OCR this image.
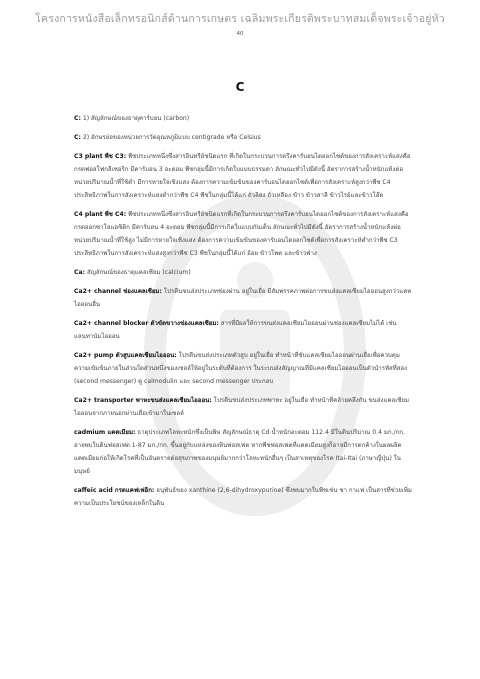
โครงการหนังสือเล็กทรอนิกส์ด้านการเกษตร เฉลิมพระเกียรติพระบาทสมเด็จพระเจ้าอยู่หัว
40
C

C: 1) สัญลักษณ์ของธาตุคาร์บอน (carbon)

C: 2) อักษรย่อของหน่วยการวัดอุณหภูมิแบบ centigrade หรือ Celsius

C3 plant พืช C3: พืชประเภทหนึ่งซึ่งสารอินทรีย์ชนิดแรก ที่เกิดในกระบวนการตรึงคาร์บอนไดออกไซด์ของการสังเคราะห์แสงคือ กรดฟอสโฟกลีเซอริก มีคาร์บอน 3 อะตอม พืชกลุ่มนี้มีการเกิดใบแบบธรรมดา ลักษณะทั่วไปมีดังนี้ อัตราการสร้างน้ำหนักแห้งต่อหน่วยปริมาณน้ำที่ใช้ต่ำ มีการหายใจเชิงแสง ต้องการความเข้มข้นของคาร์บอนไดออกไซด์เพื่อการสังเคราะห์สูงกว่าพืช C4 ประสิทธิภาพในการสังเคราะห์แสงต่ำกว่าพืช C4 พืชในกลุ่มนี้ได้แก่ ถั่วลิสง ถั่วเหลือง ข้าว ข้าวสาลี ข้าวไรย์และข้าวโอ๊ต

C4 plant พืช C4: พืชประเภทหนึ่งซึ่งสารอินทรีย์ชนิดแรกที่เกิดในกระบวนการตรึงคาร์บอนไดออกไซด์ของการสังเคราะห์แสงคือ กรดออกซาโลแอซิติก มีคาร์บอน 4 อะตอม พืชกลุ่มนี้มีการเกิดใบแบบกันเด็น ลักษณะทั่วไปมีดังนี้ อัตราการสร้างน้ำหนักแห้งต่อหน่วยปริมาณน้ำที่ใช้สูง ไม่มีการหายใจเชิงแสง ต้องการความเข้มข้นของคาร์บอนไดออกไซด์เพื่อการสังเคราะห์ต่ำกว่าพืช C3 ประสิทธิภาพในการสังเคราะห์แสงสูงกว่าพืช C3 พืชในกลุ่มนี้ได้แก่ อ้อย ข้าวโพด และข้าวฟ่าง

Ca: สัญลักษณ์ของธาตุแคลเซียม (calcium)

Ca2+ channel ช่องแคลเซียม: โปรตีนขนส่งประเภทช่องผ่าน อยู่ในเยื่อ มีสัมพรรคภาพต่อการขนส่งแคลเซียมไอออนสูงกว่าแคทไอออนอื่น

Ca2+ channel blocker ตัวขัดขวางช่องแคลเซียม: สารที่มีผลให้การขนส่งแคลเซียมไอออนผ่านช่องแคลเซียมไม่ได้ เช่น แลนทานัมไอออน

Ca2+ pump ตัวสูบแคลเซียมไอออน: โปรตีนขนส่งประเภทตัวสูบ อยู่ในเยื่อ ทำหน้าที่ขับแคลเซียมไอออนผ่านเยื่อเพื่อควบคุมความเข้มข้นภายในส่วนใดส่วนหนึ่งของเซลล์ให้อยู่ในระดับที่ต้องการ ในระบบส่งสัญญาณที่มีแคลเซียมไอออนเป็นตัวนำรหัสที่สอง (second messenger) ดู calmodulin และ second messenger ประกอบ

Ca2+ transporter พาหะขนส่งแคลเซียมไอออน: โปรตีนขนส่งประเภทพาหะ อยู่ในเยื่อ ทำหน้าที่คล้ายคลึงกัน ขนส่งแคลเซียมไอออนจากภายนอกผ่านเยื่อเข้ามาในเซลล์

cadmium แคดเมียม: ธาตุประเภทโลหะหนักซึ่งเป็นพิษ สัญลักษณ์ธาตุ Cd น้ำหนักอะตอม 112.4 มีในดินปริมาณ 0.4 มก./กก. อาจพบในดินฟอสเฟต 1-87 มก./กก. ขึ้นอยู่กับแหล่งของหินฟอสเฟต หากพืชฟอสเฟตที่แคดเมียมสูงก็อาจมีการตกค้างในผลผลิต แคดเมียมก่อให้เกิดโรคที่เป็นอันตรายต่อสุขภาพของมนุษย์มากกว่าโลหะหนักอื่นๆ เป็นสาเหตุของโรค Itai-Itai (ภาษาญี่ปุ่น) ในมนุษย์

caffeic acid กรดแคฟเฟอิก: อนุพันธ์ของ xanthine (2,6-dihydroxypurine) ซึ่งพบมากในพืชเช่น ชา กาแฟ เป็นสารที่ช่วยเพิ่มความเป็นประโยชน์ของเหล็กในดิน
